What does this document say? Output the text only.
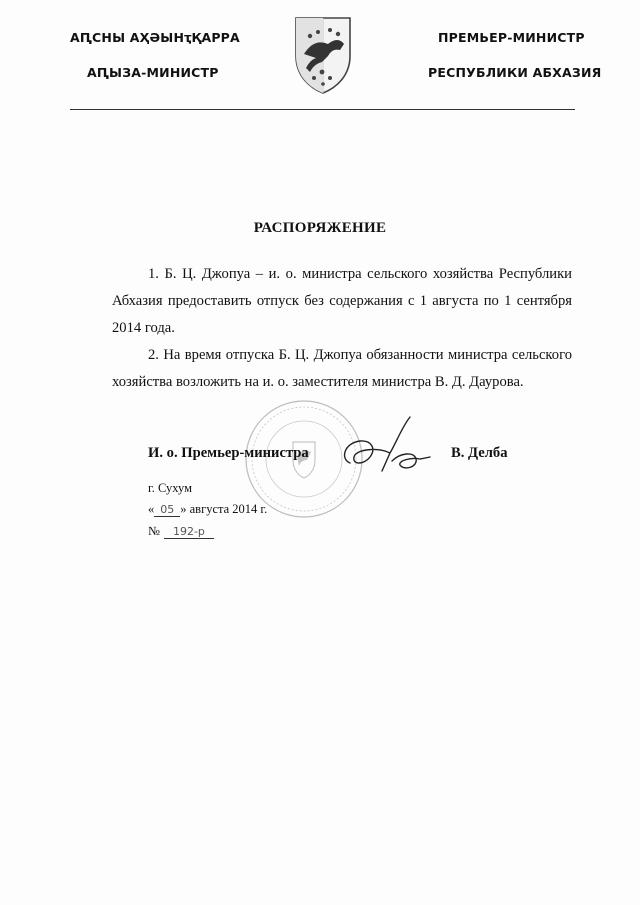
АԤСНЫ АҲӘЫНҭҚАРРА
АԤЫЗА-МИНИСТР
ПРЕМЬЕР-МИНИСТР
РЕСПУБЛИКИ АБХАЗИЯ
РАСПОРЯЖЕНИЕ

1. Б. Ц. Джопуа – и. о. министра сельского хозяйства Республики Абхазия предоставить отпуск без содержания с 1 августа по 1 сентября 2014 года.

2. На время отпуска Б. Ц. Джопуа обязанности министра сельского хозяйства возложить на и. о. заместителя министра В. Д. Даурова.

И. о. Премьер-министра	В. Делба
г. Сухум
« 05 » августа 2014 г.
№ 192-р
